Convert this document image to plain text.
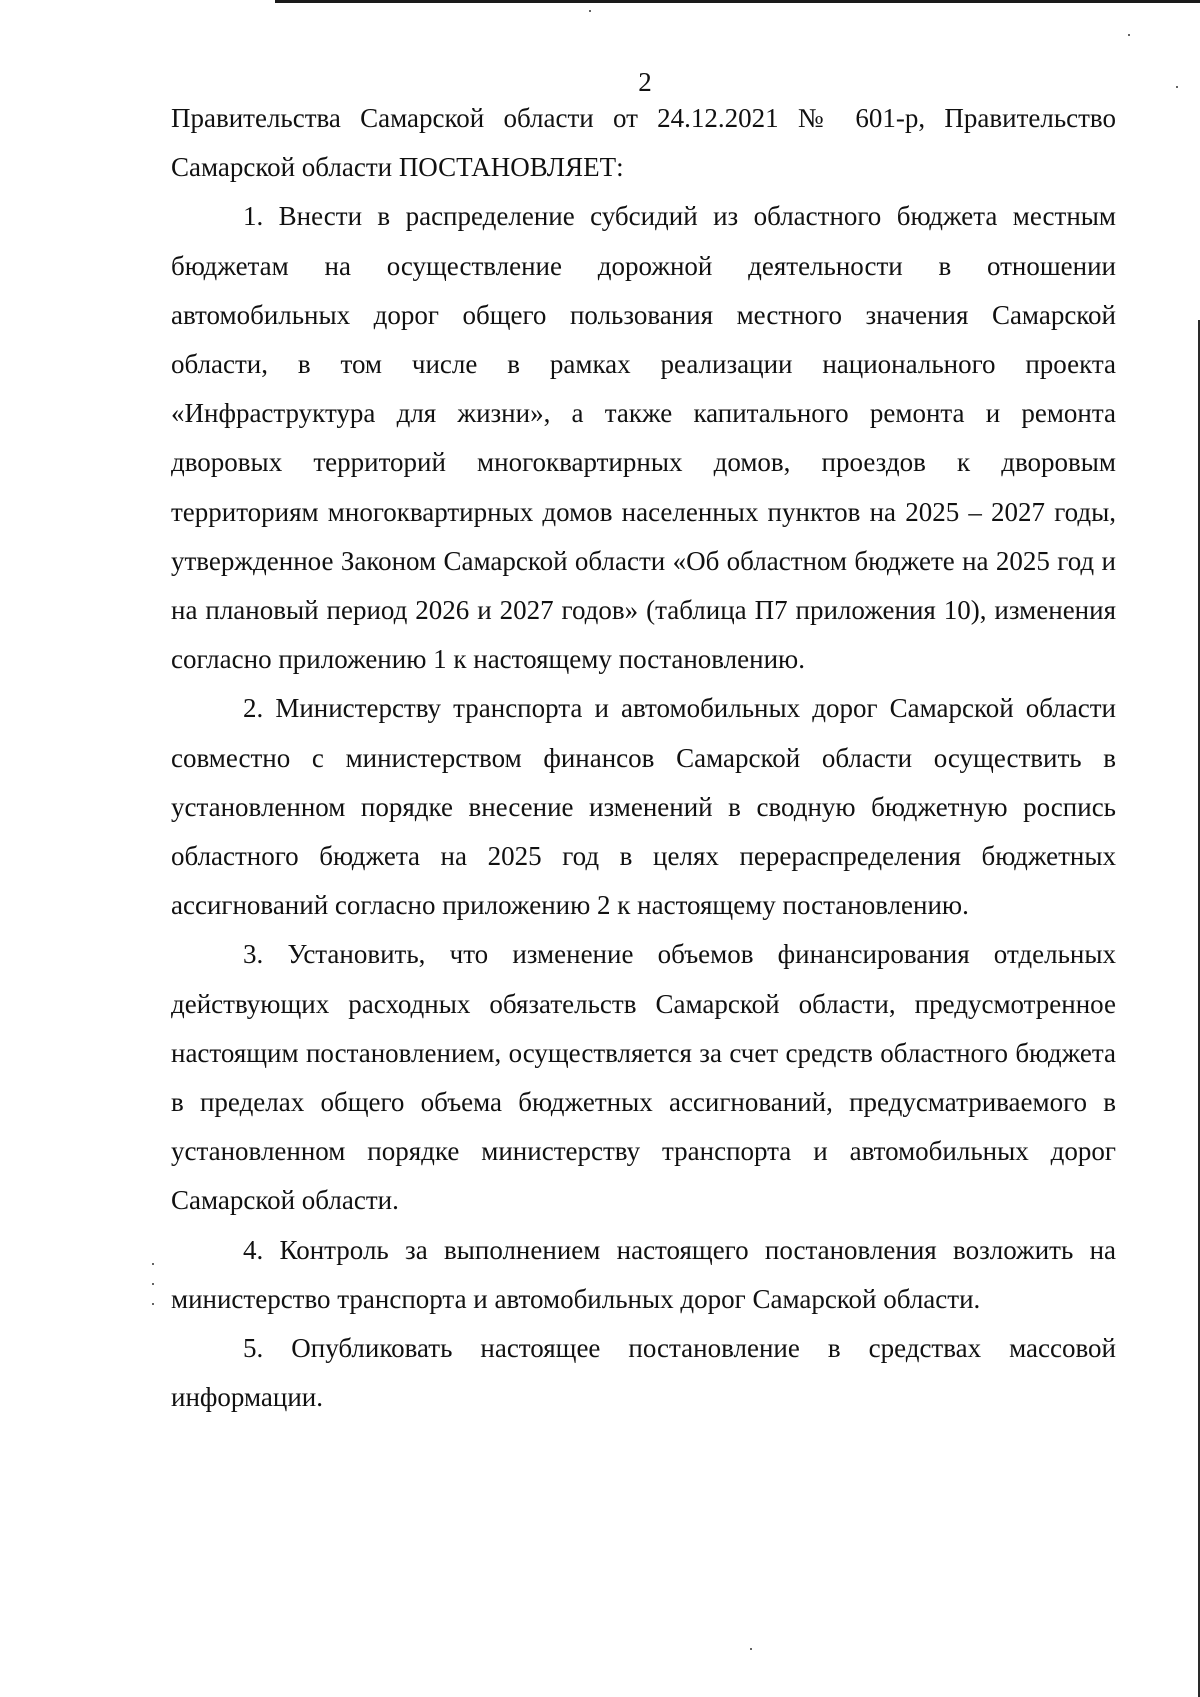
2

Правительства Самарской области от 24.12.2021 № 601-р, Правительство Самарской области ПОСТАНОВЛЯЕТ:

1. Внести в распределение субсидий из областного бюджета местным бюджетам на осуществление дорожной деятельности в отношении автомобильных дорог общего пользования местного значения Самарской области, в том числе в рамках реализации национального проекта «Инфраструктура для жизни», а также капитального ремонта и ремонта дворовых территорий многоквартирных домов, проездов к дворовым территориям многоквартирных домов населенных пунктов на 2025 – 2027 годы, утвержденное Законом Самарской области «Об областном бюджете на 2025 год и на плановый период 2026 и 2027 годов» (таблица П7 приложения 10), изменения согласно приложению 1 к настоящему постановлению.

2. Министерству транспорта и автомобильных дорог Самарской области совместно с министерством финансов Самарской области осуществить в установленном порядке внесение изменений в сводную бюджетную роспись областного бюджета на 2025 год в целях перераспределения бюджетных ассигнований согласно приложению 2 к настоящему постановлению.

3. Установить, что изменение объемов финансирования отдельных действующих расходных обязательств Самарской области, предусмотренное настоящим постановлением, осуществляется за счет средств областного бюджета в пределах общего объема бюджетных ассигнований, предусматриваемого в установленном порядке министерству транспорта и автомобильных дорог Самарской области.

4. Контроль за выполнением настоящего постановления возложить на министерство транспорта и автомобильных дорог Самарской области.

5. Опубликовать настоящее постановление в средствах массовой информации.
